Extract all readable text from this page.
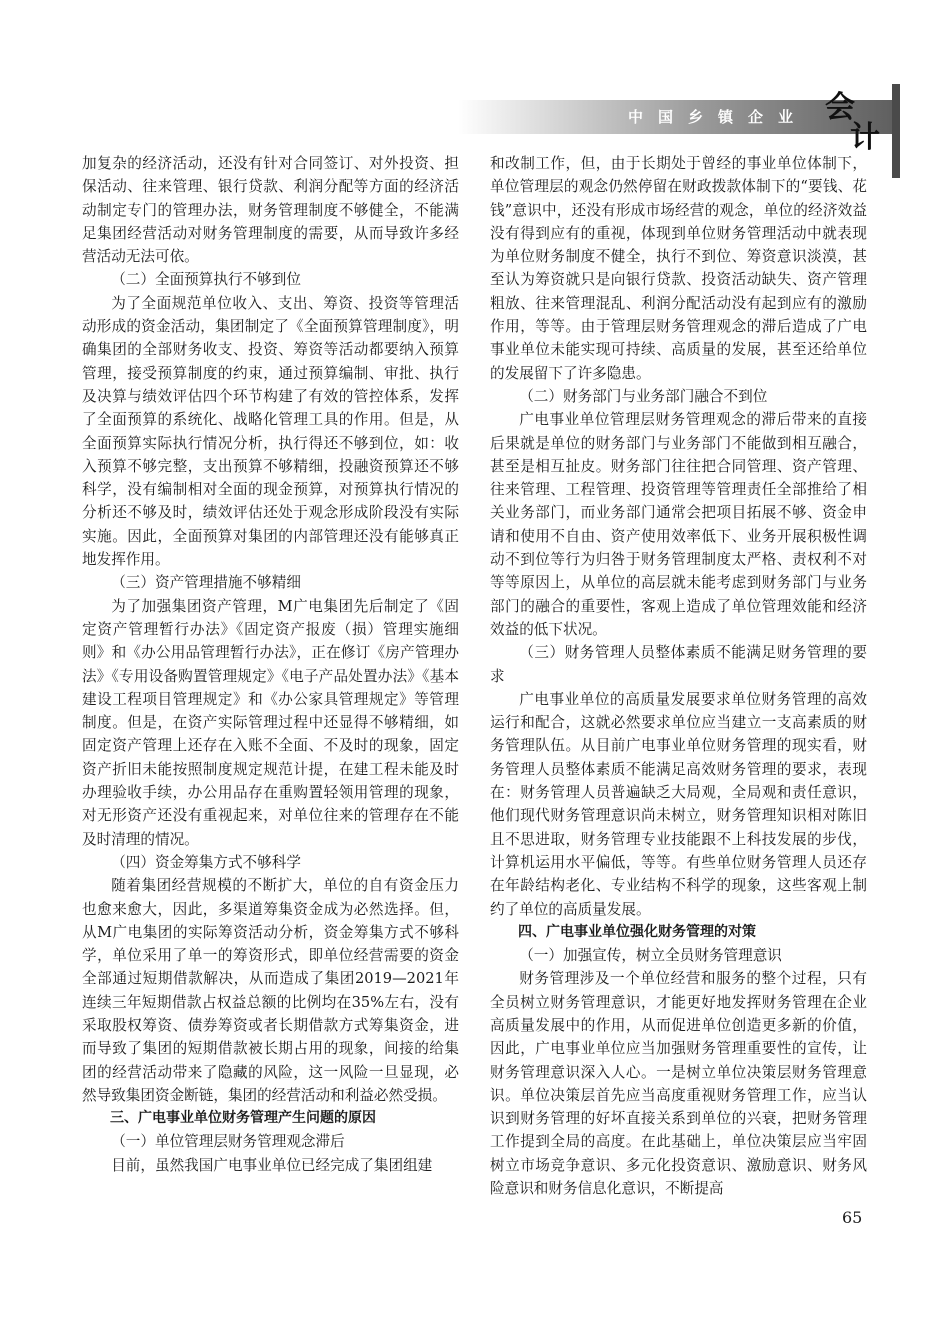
中国乡镇企业 会
计

加复杂的经济活动，还没有针对合同签订、对外投资、担保活动、往来管理、银行贷款、利润分配等方面的经济活动制定专门的管理办法，财务管理制度不够健全，不能满足集团经营活动对财务管理制度的需要，从而导致许多经营活动无法可依。

（二）全面预算执行不够到位

为了全面规范单位收入、支出、筹资、投资等管理活动形成的资金活动，集团制定了《全面预算管理制度》，明确集团的全部财务收支、投资、筹资等活动都要纳入预算管理，接受预算制度的约束，通过预算编制、审批、执行及决算与绩效评估四个环节构建了有效的管控体系，发挥了全面预算的系统化、战略化管理工具的作用。但是，从全面预算实际执行情况分析，执行得还不够到位，如：收入预算不够完整，支出预算不够精细，投融资预算还不够科学，没有编制相对全面的现金预算，对预算执行情况的分析还不够及时，绩效评估还处于观念形成阶段没有实际实施。因此，全面预算对集团的内部管理还没有能够真正地发挥作用。

（三）资产管理措施不够精细

为了加强集团资产管理，M广电集团先后制定了《固定资产管理暂行办法》《固定资产报废（损）管理实施细则》和《办公用品管理暂行办法》，正在修订《房产管理办法》《专用设备购置管理规定》《电子产品处置办法》《基本建设工程项目管理规定》和《办公家具管理规定》等管理制度。但是，在资产实际管理过程中还显得不够精细，如固定资产管理上还存在入账不全面、不及时的现象，固定资产折旧未能按照制度规定规范计提，在建工程未能及时办理验收手续，办公用品存在重购置轻领用管理的现象，对无形资产还没有重视起来，对单位往来的管理存在不能及时清理的情况。

（四）资金筹集方式不够科学

随着集团经营规模的不断扩大，单位的自有资金压力也愈来愈大，因此，多渠道筹集资金成为必然选择。但，从M广电集团的实际筹资活动分析，资金筹集方式不够科学，单位采用了单一的筹资形式，即单位经营需要的资金全部通过短期借款解决，从而造成了集团2019—2021年连续三年短期借款占权益总额的比例均在35%左右，没有采取股权筹资、债券筹资或者长期借款方式筹集资金，进而导致了集团的短期借款被长期占用的现象，间接的给集团的经营活动带来了隐藏的风险，这一风险一旦显现，必然导致集团资金断链，集团的经营活动和利益必然受损。

三、广电事业单位财务管理产生问题的原因

（一）单位管理层财务管理观念滞后

目前，虽然我国广电事业单位已经完成了集团组建

和改制工作，但，由于长期处于曾经的事业单位体制下，单位管理层的观念仍然停留在财政拨款体制下的“要钱、花钱”意识中，还没有形成市场经营的观念，单位的经济效益没有得到应有的重视，体现到单位财务管理活动中就表现为单位财务制度不健全，执行不到位、筹资意识淡漠，甚至认为筹资就只是向银行贷款、投资活动缺失、资产管理粗放、往来管理混乱、利润分配活动没有起到应有的激励作用，等等。由于管理层财务管理观念的滞后造成了广电事业单位未能实现可持续、高质量的发展，甚至还给单位的发展留下了许多隐患。

（二）财务部门与业务部门融合不到位

广电事业单位管理层财务管理观念的滞后带来的直接后果就是单位的财务部门与业务部门不能做到相互融合，甚至是相互扯皮。财务部门往往把合同管理、资产管理、往来管理、工程管理、投资管理等管理责任全部推给了相关业务部门，而业务部门通常会把项目拓展不够、资金申请和使用不自由、资产使用效率低下、业务开展积极性调动不到位等行为归咎于财务管理制度太严格、责权利不对等等原因上，从单位的高层就未能考虑到财务部门与业务部门的融合的重要性，客观上造成了单位管理效能和经济效益的低下状况。

（三）财务管理人员整体素质不能满足财务管理的要求

广电事业单位的高质量发展要求单位财务管理的高效运行和配合，这就必然要求单位应当建立一支高素质的财务管理队伍。从目前广电事业单位财务管理的现实看，财务管理人员整体素质不能满足高效财务管理的要求，表现在：财务管理人员普遍缺乏大局观，全局观和责任意识，他们现代财务管理意识尚未树立，财务管理知识相对陈旧且不思进取，财务管理专业技能跟不上科技发展的步伐，计算机运用水平偏低，等等。有些单位财务管理人员还存在年龄结构老化、专业结构不科学的现象，这些客观上制约了单位的高质量发展。

四、广电事业单位强化财务管理的对策

（一）加强宣传，树立全员财务管理意识

财务管理涉及一个单位经营和服务的整个过程，只有全员树立财务管理意识，才能更好地发挥财务管理在企业高质量发展中的作用，从而促进单位创造更多新的价值，因此，广电事业单位应当加强财务管理重要性的宣传，让财务管理意识深入人心。一是树立单位决策层财务管理意识。单位决策层首先应当高度重视财务管理工作，应当认识到财务管理的好坏直接关系到单位的兴衰，把财务管理工作提到全局的高度。在此基础上，单位决策层应当牢固树立市场竞争意识、多元化投资意识、激励意识、财务风险意识和财务信息化意识，不断提高

65
